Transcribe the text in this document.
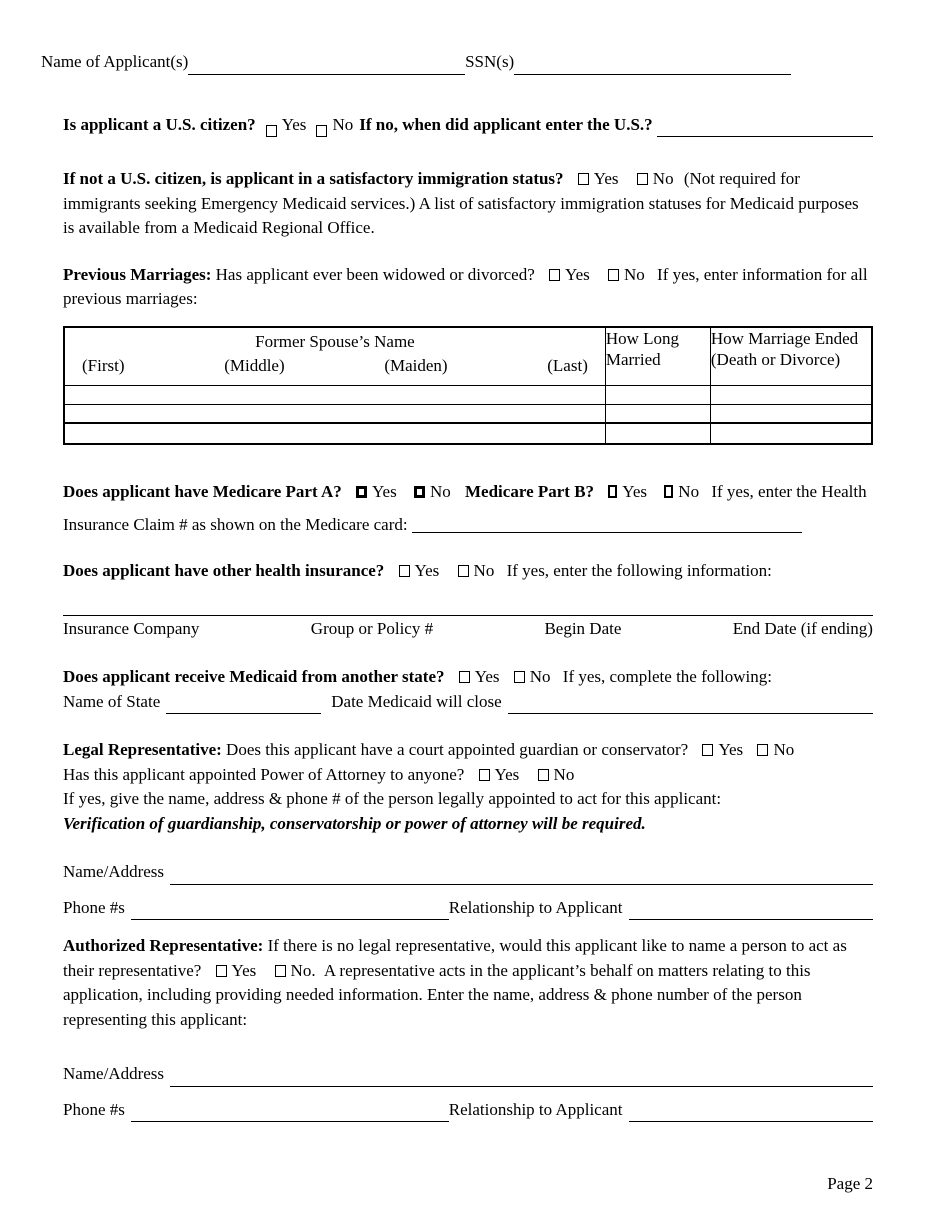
Name of Applicant(s)	SSN(s)
Is applicant a U.S. citizen? Yes No If no, when did applicant enter the U.S.?

If not a U.S. citizen, is applicant in a satisfactory immigration status? Yes No (Not required for immigrants seeking Emergency Medicaid services.) A list of satisfactory immigration statuses for Medicaid purposes is available from a Medicaid Regional Office.

Previous Marriages: Has applicant ever been widowed or divorced? Yes No If yes, enter information for all previous marriages:

Former Spouse’s Name
(First) (Middle) (Maiden) (Last)	How Long Married	How Marriage Ended (Death or Divorce)

Does applicant have Medicare Part A? Yes No Medicare Part B? Yes No If yes, enter the Health Insurance Claim # as shown on the Medicare card:

Does applicant have other health insurance? Yes No If yes, enter the following information:

Insurance Company	Group or Policy #	Begin Date	End Date (if ending)

Does applicant receive Medicaid from another state? Yes No If yes, complete the following:

Name of State	Date Medicaid will close

Legal Representative: Does this applicant have a court appointed guardian or conservator? Yes No

Has this applicant appointed Power of Attorney to anyone? Yes No

If yes, give the name, address & phone # of the person legally appointed to act for this applicant:

Verification of guardianship, conservatorship or power of attorney will be required.

Name/Address
Phone #s	Relationship to Applicant

Authorized Representative: If there is no legal representative, would this applicant like to name a person to act as their representative? Yes No. A representative acts in the applicant’s behalf on matters relating to this application, including providing needed information. Enter the name, address & phone number of the person representing this applicant:

Name/Address
Phone #s	Relationship to Applicant
Page 2
